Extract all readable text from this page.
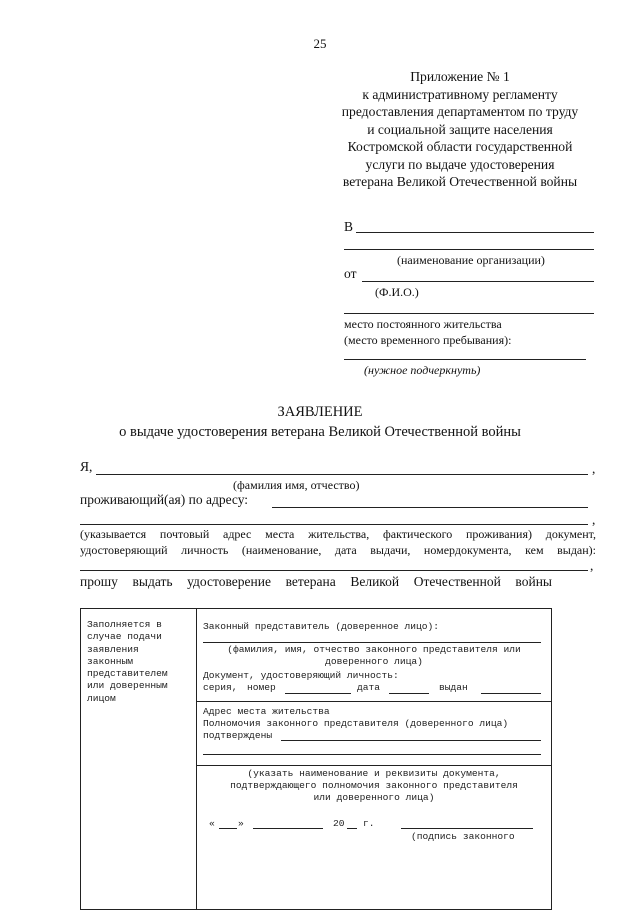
25
Приложение № 1
к административному регламенту
предоставления департаментом по труду
и социальной защите населения
Костромской области государственной
услуги по выдаче удостоверения
ветерана Великой Отечественной войны
В
(наименование организации)
от
(Ф.И.О.)
место постоянного жительства
(место временного пребывания):
(нужное подчеркнуть)
ЗАЯВЛЕНИЕ
о выдаче удостоверения ветерана Великой Отечественной войны
Я,	,
(фамилия имя, отчество)
проживающий(ая) по адресу:
,
(указывается почтовый адрес места жительства, фактического проживания) документ,
удостоверяющий личность (наименование, дата выдачи, номердокумента, кем выдан):
,
прошу выдать удостоверение ветерана Великой Отечественной войны
Заполняется в
случае подачи
заявления
законным
представителем
или доверенным
лицом

Законный представитель (доверенное лицо):
(фамилия, имя, отчество законного представителя или
доверенного лица)
Документ, удостоверяющий личность:
серия, номер	дата	выдан
Адрес места жительства
Полномочия законного представителя (доверенного лица)
подтверждены
(указать наименование и реквизиты документа,
подтверждающего полномочия законного представителя
или доверенного лица)
« »	20 г.
(подпись законного
